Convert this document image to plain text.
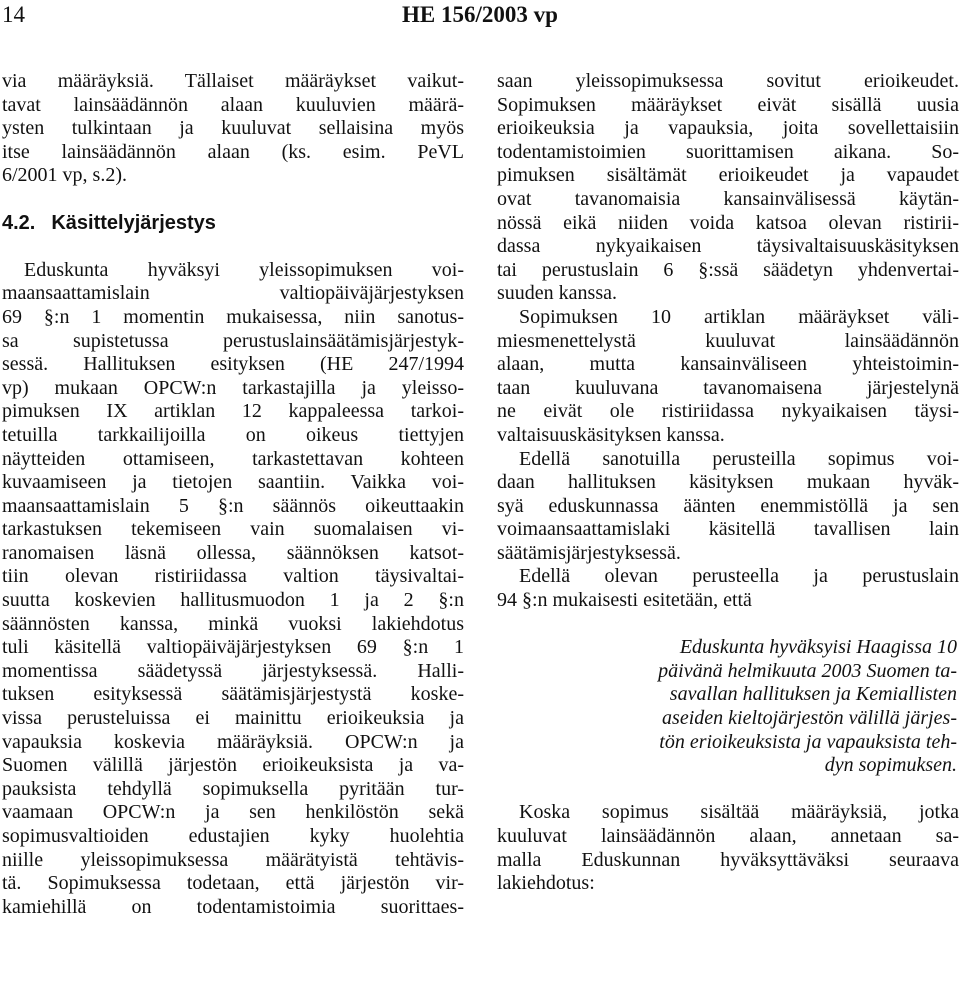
14	HE 156/2003 vp
via määräyksiä. Tällaiset määräykset vaikut-
tavat lainsäädännön alaan kuuluvien määrä-
ysten tulkintaan ja kuuluvat sellaisina myös
itse lainsäädännön alaan (ks. esim. PeVL
6/2001 vp, s.2).
4.2. Käsittelyjärjestys
Eduskunta hyväksyi yleissopimuksen voi-
maansaattamislain valtiopäiväjärjestyksen
69 §:n 1 momentin mukaisessa, niin sanotus-
sa supistetussa perustuslainsäätämisjärjestyk-
sessä. Hallituksen esityksen (HE 247/1994
vp) mukaan OPCW:n tarkastajilla ja yleisso-
pimuksen IX artiklan 12 kappaleessa tarkoi-
tetuilla tarkkailijoilla on oikeus tiettyjen
näytteiden ottamiseen, tarkastettavan kohteen
kuvaamiseen ja tietojen saantiin. Vaikka voi-
maansaattamislain 5 §:n säännös oikeuttaakin
tarkastuksen tekemiseen vain suomalaisen vi-
ranomaisen läsnä ollessa, säännöksen katsot-
tiin olevan ristiriidassa valtion täysivaltai-
suutta koskevien hallitusmuodon 1 ja 2 §:n
säännösten kanssa, minkä vuoksi lakiehdotus
tuli käsitellä valtiopäiväjärjestyksen 69 §:n 1
momentissa säädetyssä järjestyksessä. Halli-
tuksen esityksessä säätämisjärjestystä koske-
vissa perusteluissa ei mainittu erioikeuksia ja
vapauksia koskevia määräyksiä. OPCW:n ja
Suomen välillä järjestön erioikeuksista ja va-
pauksista tehdyllä sopimuksella pyritään tur-
vaamaan OPCW:n ja sen henkilöstön sekä
sopimusvaltioiden edustajien kyky huolehtia
niille yleissopimuksessa määrätyistä tehtävis-
tä. Sopimuksessa todetaan, että järjestön vir-
kamiehillä on todentamistoimia suorittaes-
saan yleissopimuksessa sovitut erioikeudet.
Sopimuksen määräykset eivät sisällä uusia
erioikeuksia ja vapauksia, joita sovellettaisiin
todentamistoimien suorittamisen aikana. So-
pimuksen sisältämät erioikeudet ja vapaudet
ovat tavanomaisia kansainvälisessä käytän-
nössä eikä niiden voida katsoa olevan ristirii-
dassa nykyaikaisen täysivaltaisuuskäsityksen
tai perustuslain 6 §:ssä säädetyn yhdenvertai-
suuden kanssa.
Sopimuksen 10 artiklan määräykset väli-
miesmenettelystä kuuluvat lainsäädännön
alaan, mutta kansainväliseen yhteistoimin-
taan kuuluvana tavanomaisena järjestelynä
ne eivät ole ristiriidassa nykyaikaisen täysi-
valtaisuuskäsityksen kanssa.
Edellä sanotuilla perusteilla sopimus voi-
daan hallituksen käsityksen mukaan hyväk-
syä eduskunnassa äänten enemmistöllä ja sen
voimaansaattamislaki käsitellä tavallisen lain
säätämisjärjestyksessä.
Edellä olevan perusteella ja perustuslain
94 §:n mukaisesti esitetään, että
Eduskunta hyväksyisi Haagissa 10
päivänä helmikuuta 2003 Suomen ta-
savallan hallituksen ja Kemiallisten
aseiden kieltojärjestön välillä järjes-
tön erioikeuksista ja vapauksista teh-
dyn sopimuksen.
Koska sopimus sisältää määräyksiä, jotka
kuuluvat lainsäädännön alaan, annetaan sa-
malla Eduskunnan hyväksyttäväksi seuraava
lakiehdotus:
